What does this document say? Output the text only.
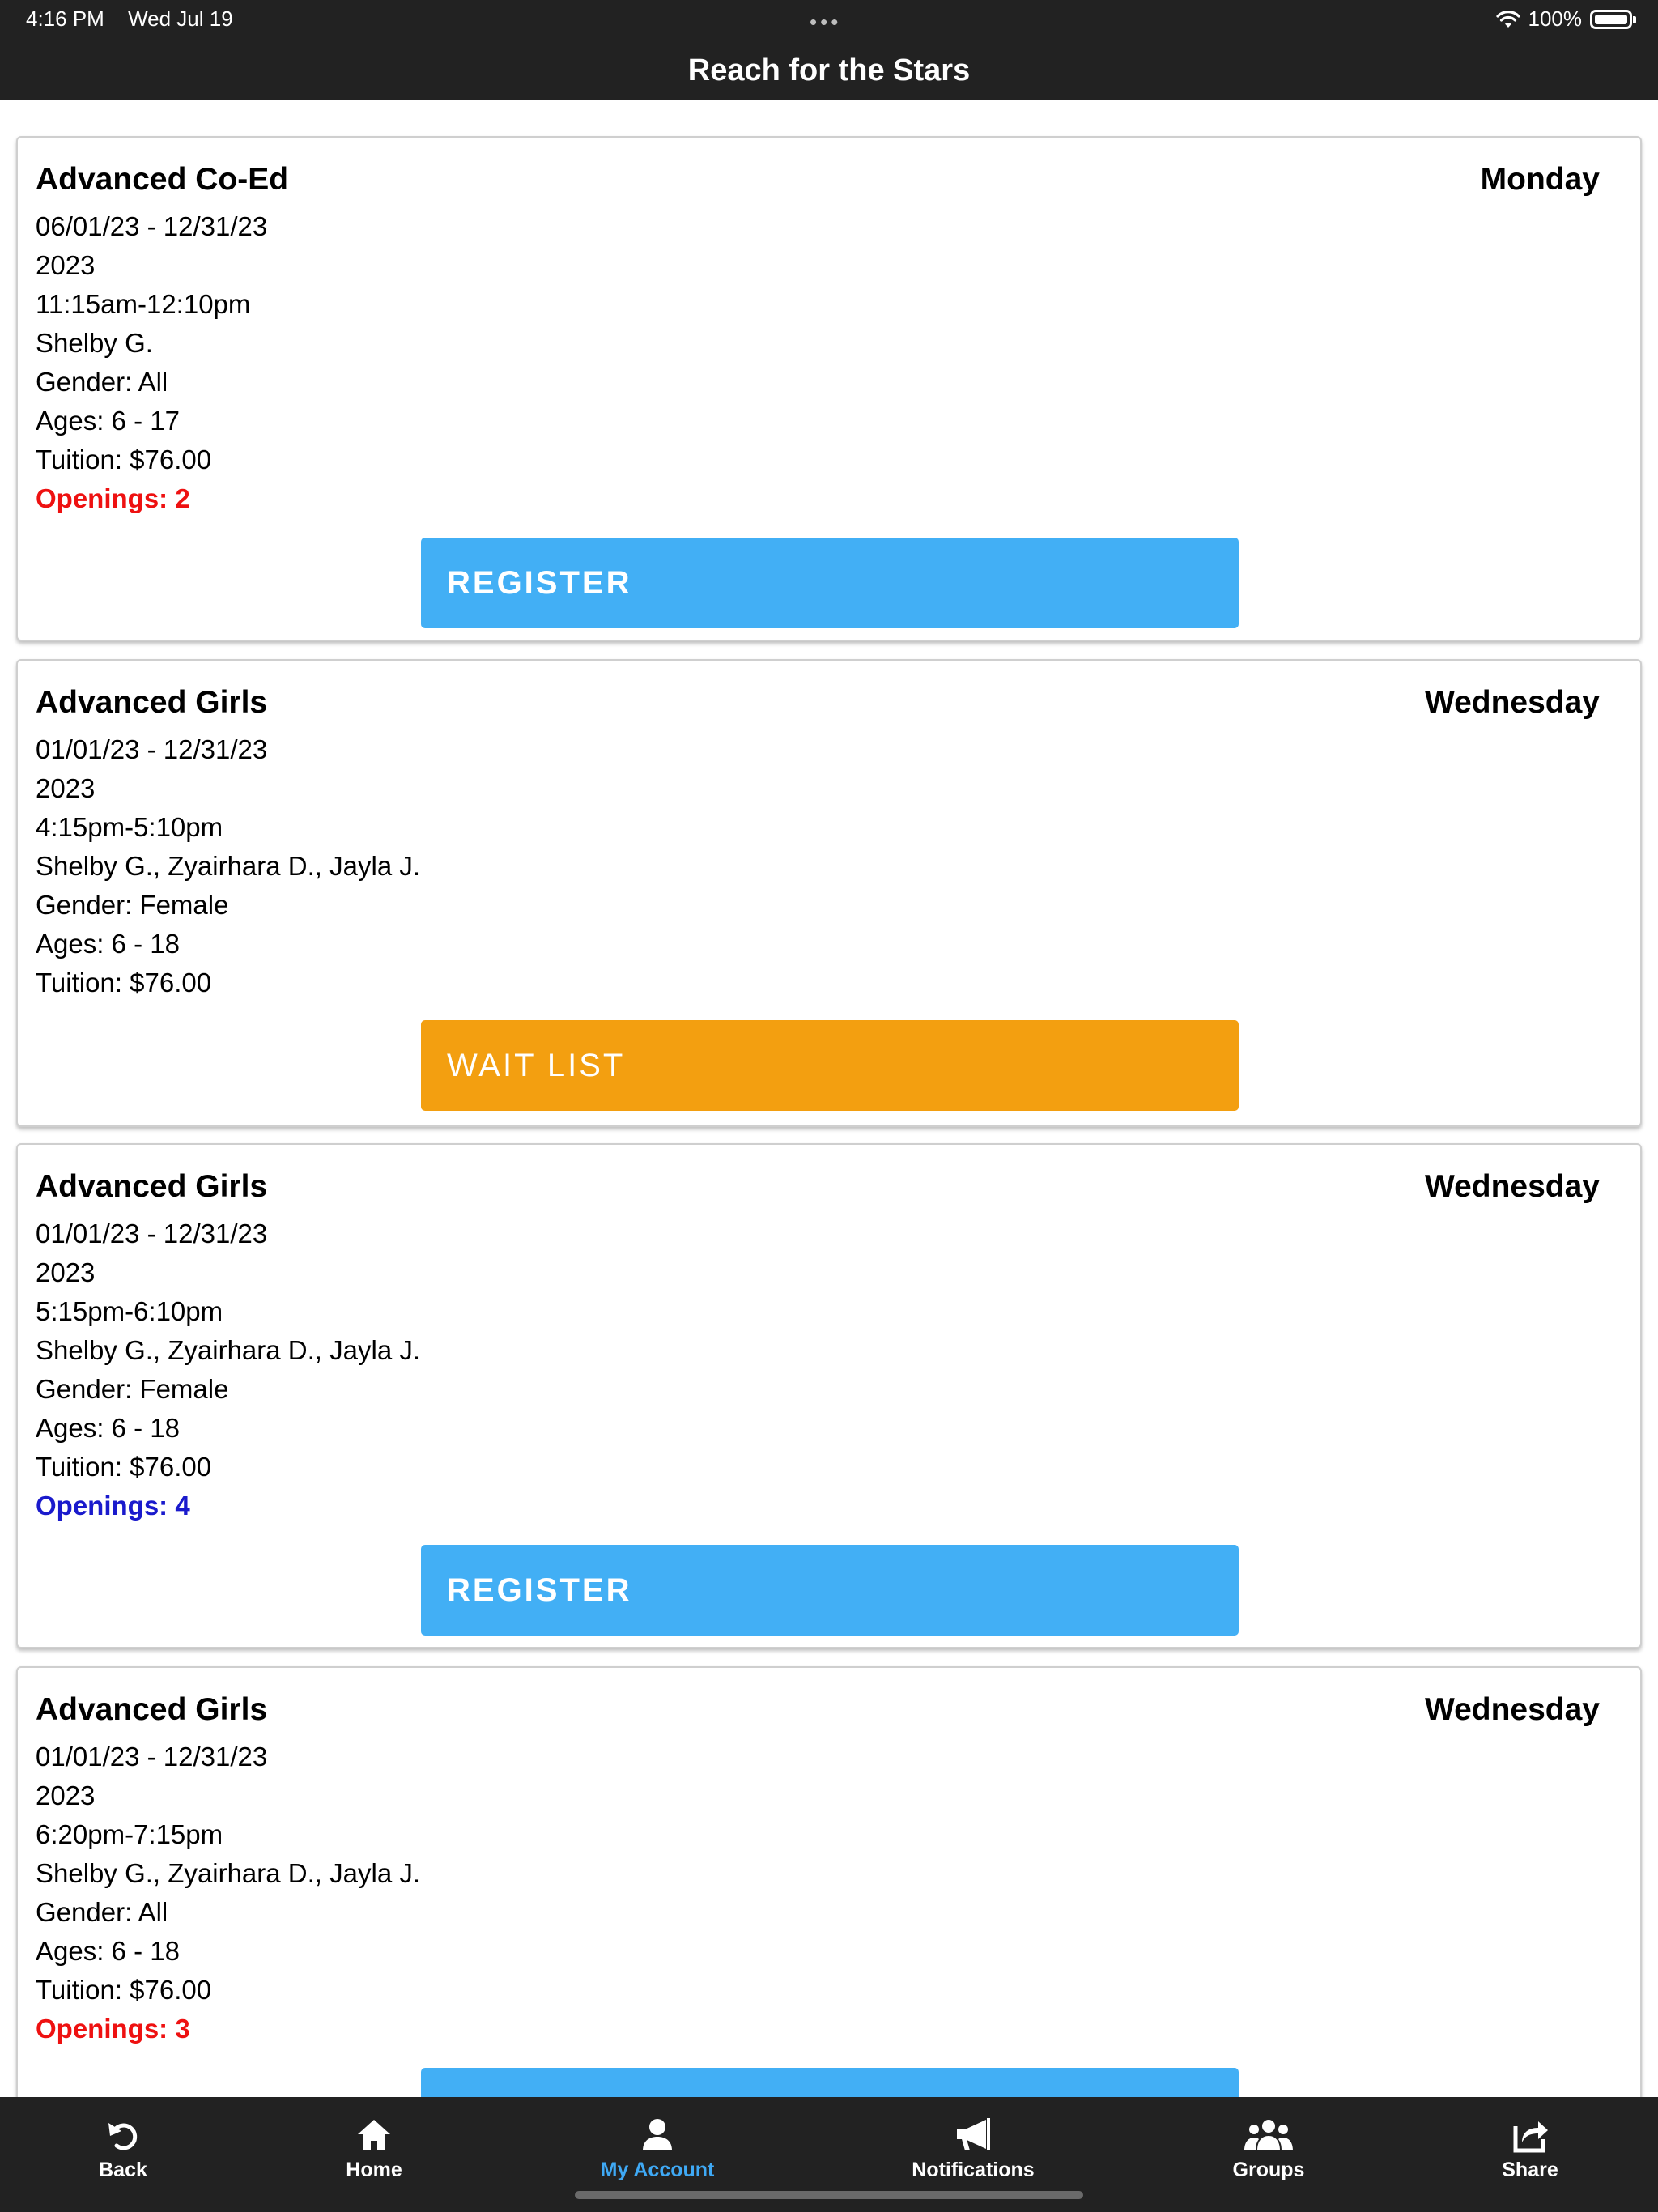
4:16 PM Wed Jul 19	•••	100%
Reach for the Stars
Advanced Co-Ed	Monday
06/01/23 - 12/31/23
2023
11:15am-12:10pm
Shelby G.
Gender: All
Ages: 6 - 17
Tuition: $76.00
Openings: 2
REGISTER
Advanced Girls	Wednesday
01/01/23 - 12/31/23
2023
4:15pm-5:10pm
Shelby G., Zyairhara D., Jayla J.
Gender: Female
Ages: 6 - 18
Tuition: $76.00
WAIT LIST
Advanced Girls	Wednesday
01/01/23 - 12/31/23
2023
5:15pm-6:10pm
Shelby G., Zyairhara D., Jayla J.
Gender: Female
Ages: 6 - 18
Tuition: $76.00
Openings: 4
REGISTER
Advanced Girls	Wednesday
01/01/23 - 12/31/23
2023
6:20pm-7:15pm
Shelby G., Zyairhara D., Jayla J.
Gender: All
Ages: 6 - 18
Tuition: $76.00
Openings: 3
Back	Home	My Account	Notifications	Groups	Share
